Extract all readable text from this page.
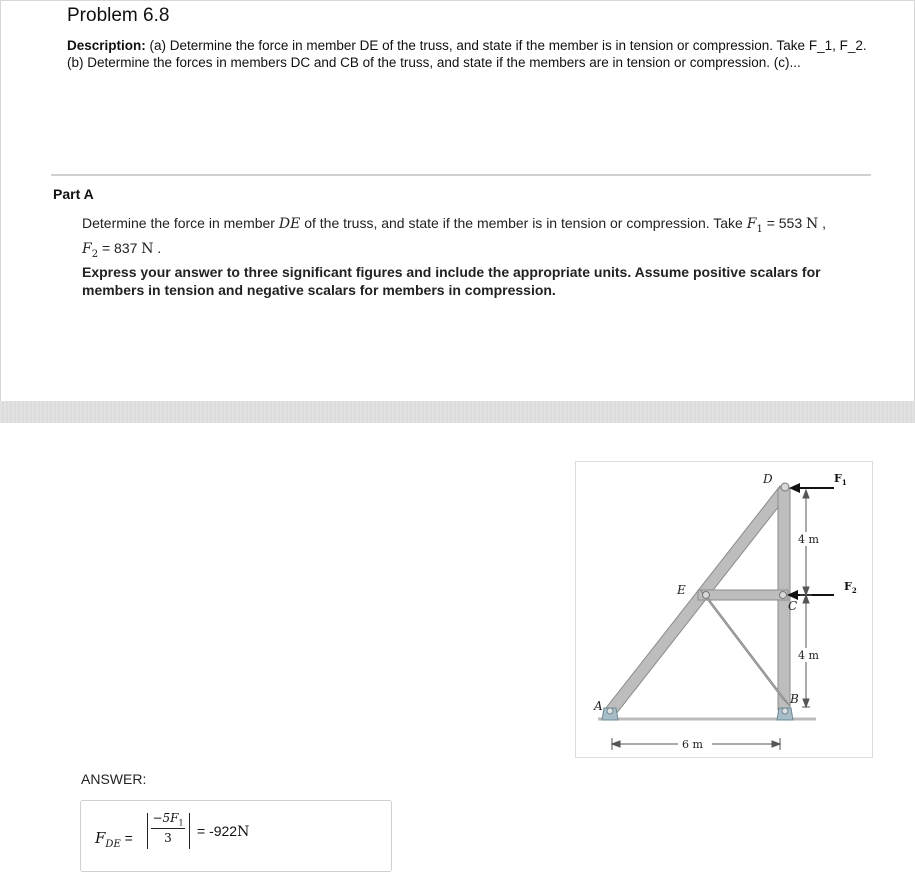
Problem 6.8
Description: (a) Determine the force in member DE of the truss, and state if the member is in tension or compression. Take F_1, F_2. (b) Determine the forces in members DC and CB of the truss, and state if the members are in tension or compression. (c)...
Part A
Determine the force in member DE of the truss, and state if the member is in tension or compression. Take $F_1 = 553$ N ,
$F_2 = 837$ N .
Express your answer to three significant figures and include the appropriate units. Assume positive scalars for members in tension and negative scalars for members in compression.
A	B
C
D
E
$F_1$
$F_2$
4 m
4 m
6 m
ANSWER:
$F_{DE} = \frac{-5F_1}{3} = -922N$
